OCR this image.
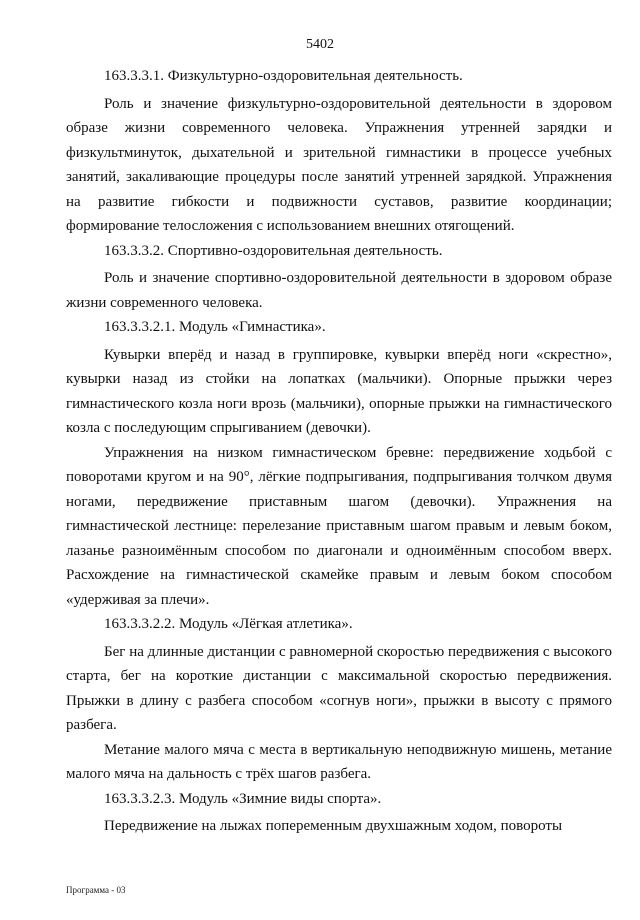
5402
163.3.3.1. Физкультурно-оздоровительная деятельность.
Роль и значение физкультурно-оздоровительной деятельности в здоровом образе жизни современного человека. Упражнения утренней зарядки и физкультминуток, дыхательной и зрительной гимнастики в процессе учебных занятий, закаливающие процедуры после занятий утренней зарядкой. Упражнения на развитие гибкости и подвижности суставов, развитие координации; формирование телосложения с использованием внешних отягощений.
163.3.3.2. Спортивно-оздоровительная деятельность.
Роль и значение спортивно-оздоровительной деятельности в здоровом образе жизни современного человека.
163.3.3.2.1. Модуль «Гимнастика».
Кувырки вперёд и назад в группировке, кувырки вперёд ноги «скрестно», кувырки назад из стойки на лопатках (мальчики). Опорные прыжки через гимнастического козла ноги врозь (мальчики), опорные прыжки на гимнастического козла с последующим спрыгиванием (девочки).
Упражнения на низком гимнастическом бревне: передвижение ходьбой с поворотами кругом и на 90°, лёгкие подпрыгивания, подпрыгивания толчком двумя ногами, передвижение приставным шагом (девочки). Упражнения на гимнастической лестнице: перелезание приставным шагом правым и левым боком, лазанье разноимённым способом по диагонали и одноимённым способом вверх. Расхождение на гимнастической скамейке правым и левым боком способом «удерживая за плечи».
163.3.3.2.2. Модуль «Лёгкая атлетика».
Бег на длинные дистанции с равномерной скоростью передвижения с высокого старта, бег на короткие дистанции с максимальной скоростью передвижения. Прыжки в длину с разбега способом «согнув ноги», прыжки в высоту с прямого разбега.
Метание малого мяча с места в вертикальную неподвижную мишень, метание малого мяча на дальность с трёх шагов разбега.
163.3.3.2.3. Модуль «Зимние виды спорта».
Передвижение на лыжах попеременным двухшажным ходом, повороты
Программа - 03
